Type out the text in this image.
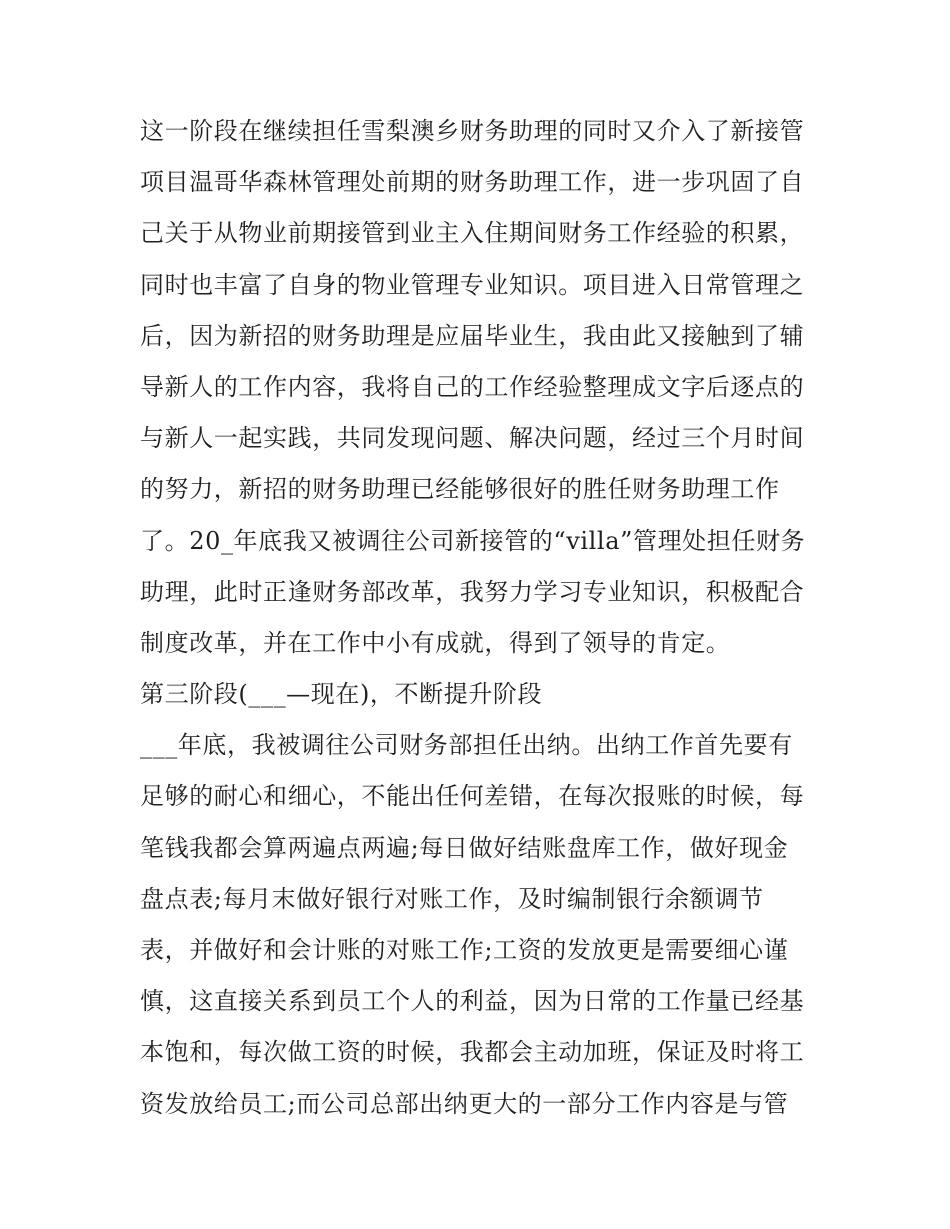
这一阶段在继续担任雪梨澳乡财务助理的同时又介入了新接管
项目温哥华森林管理处前期的财务助理工作，进一步巩固了自
己关于从物业前期接管到业主入住期间财务工作经验的积累，
同时也丰富了自身的物业管理专业知识。项目进入日常管理之
后，因为新招的财务助理是应届毕业生，我由此又接触到了辅
导新人的工作内容，我将自己的工作经验整理成文字后逐点的
与新人一起实践，共同发现问题、解决问题，经过三个月时间
的努力，新招的财务助理已经能够很好的胜任财务助理工作
了。20_年底我又被调往公司新接管的“villa”管理处担任财务
助理，此时正逢财务部改革，我努力学习专业知识，积极配合
制度改革，并在工作中小有成就，得到了领导的肯定。
第三阶段(___—现在)，不断提升阶段
___年底，我被调往公司财务部担任出纳。出纳工作首先要有
足够的耐心和细心，不能出任何差错，在每次报账的时候，每
笔钱我都会算两遍点两遍;每日做好结账盘库工作，做好现金
盘点表;每月末做好银行对账工作，及时编制银行余额调节
表，并做好和会计账的对账工作;工资的发放更是需要细心谨
慎，这直接关系到员工个人的利益，因为日常的工作量已经基
本饱和，每次做工资的时候，我都会主动加班，保证及时将工
资发放给员工;而公司总部出纳更大的一部分工作内容是与管
